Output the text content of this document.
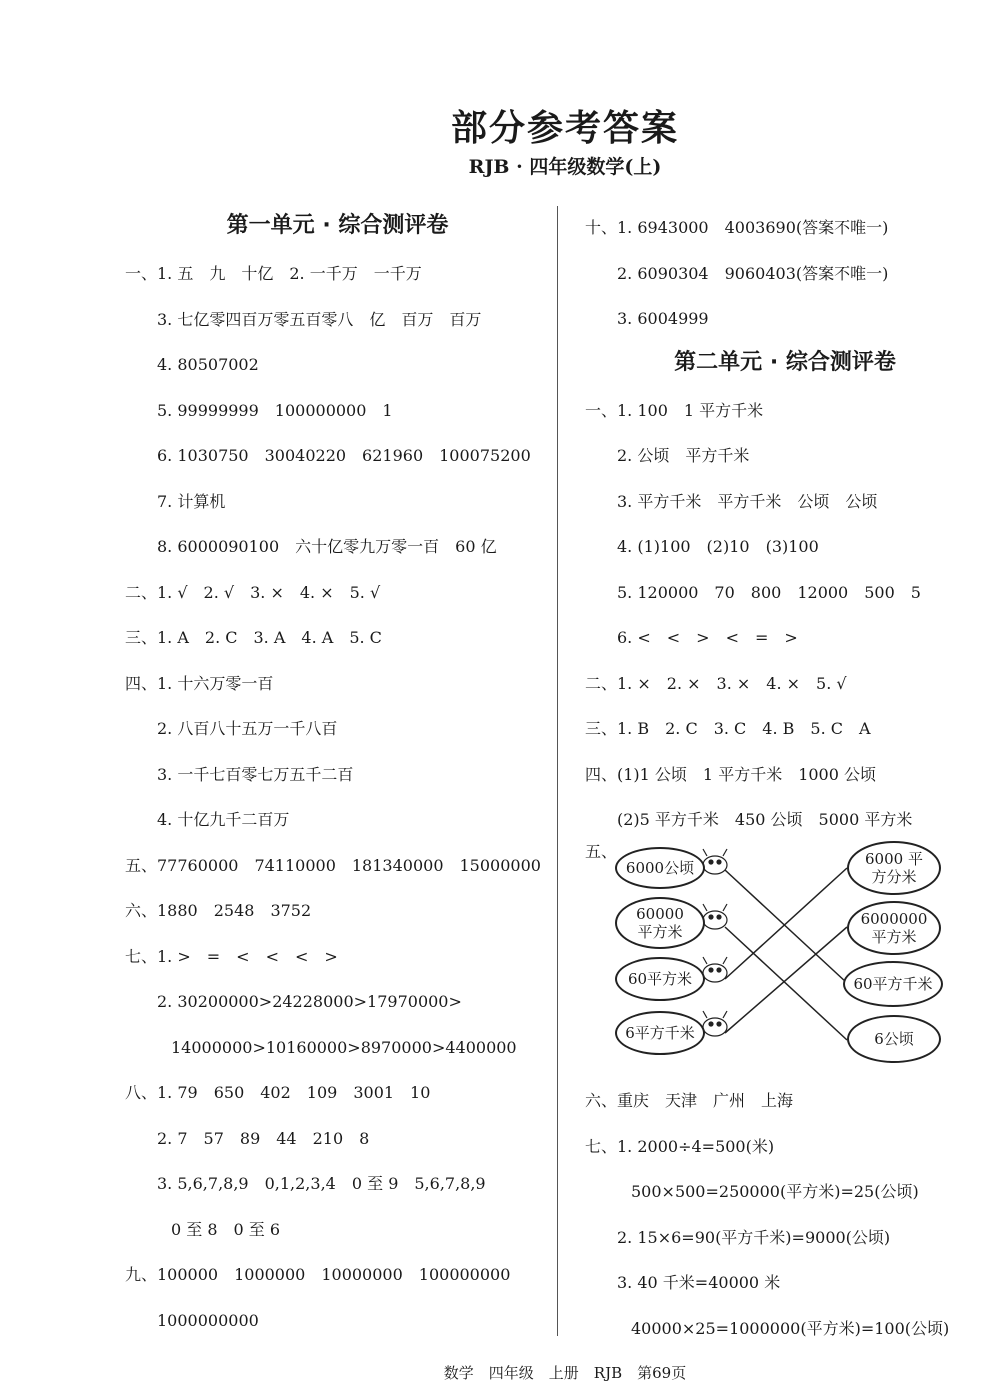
部分参考答案
RJB · 四年级数学(上)
第一单元 · 综合测评卷
一、1. 五　九　十亿　2. 一千万　一千万
3. 七亿零四百万零五百零八　亿　百万　百万
4. 80507002
5. 99999999　100000000　1
6. 1030750　30040220　621960　100075200
7. 计算机
8. 6000090100　六十亿零九万零一百　60 亿
二、1. √　2. √　3. ×　4. ×　5. √
三、1. A　2. C　3. A　4. A　5. C
四、1. 十六万零一百
2. 八百八十五万一千八百
3. 一千七百零七万五千二百
4. 十亿九千二百万
五、77760000　74110000　181340000　15000000
六、1880　2548　3752
七、1. >　=　<　<　<　>
2. 30200000>24228000>17970000>
14000000>10160000>8970000>4400000
八、1. 79　650　402　109　3001　10
2. 7　57　89　44　210　8
3. 5,6,7,8,9　0,1,2,3,4　0 至 9　5,6,7,8,9
0 至 8　0 至 6
九、100000　1000000　10000000　100000000
1000000000
十、1. 6943000　4003690(答案不唯一)
2. 6090304　9060403(答案不唯一)
3. 6004999
第二单元 · 综合测评卷
一、1. 100　1 平方千米
2. 公顷　平方千米
3. 平方千米　平方千米　公顷　公顷
4. (1)100　(2)10　(3)100
5. 120000　70　800　12000　500　5
6. <　<　>　<　=　>
二、1. ×　2. ×　3. ×　4. ×　5. √
三、1. B　2. C　3. C　4. B　5. C　A
四、(1)1 公顷　1 平方千米　1000 公顷
(2)5 平方千米　450 公顷　5000 平方米
五、
6000公顷
60000 平方米
60平方米
6平方千米
6000 平方分米
6000000 平方米
60平方千米
6公顷
六、重庆　天津　广州　上海
七、1. 2000÷4=500(米)
500×500=250000(平方米)=25(公顷)
2. 15×6=90(平方千米)=9000(公顷)
3. 40 千米=40000 米
40000×25=1000000(平方米)=100(公顷)
数学　四年级　上册　RJB　第69页
